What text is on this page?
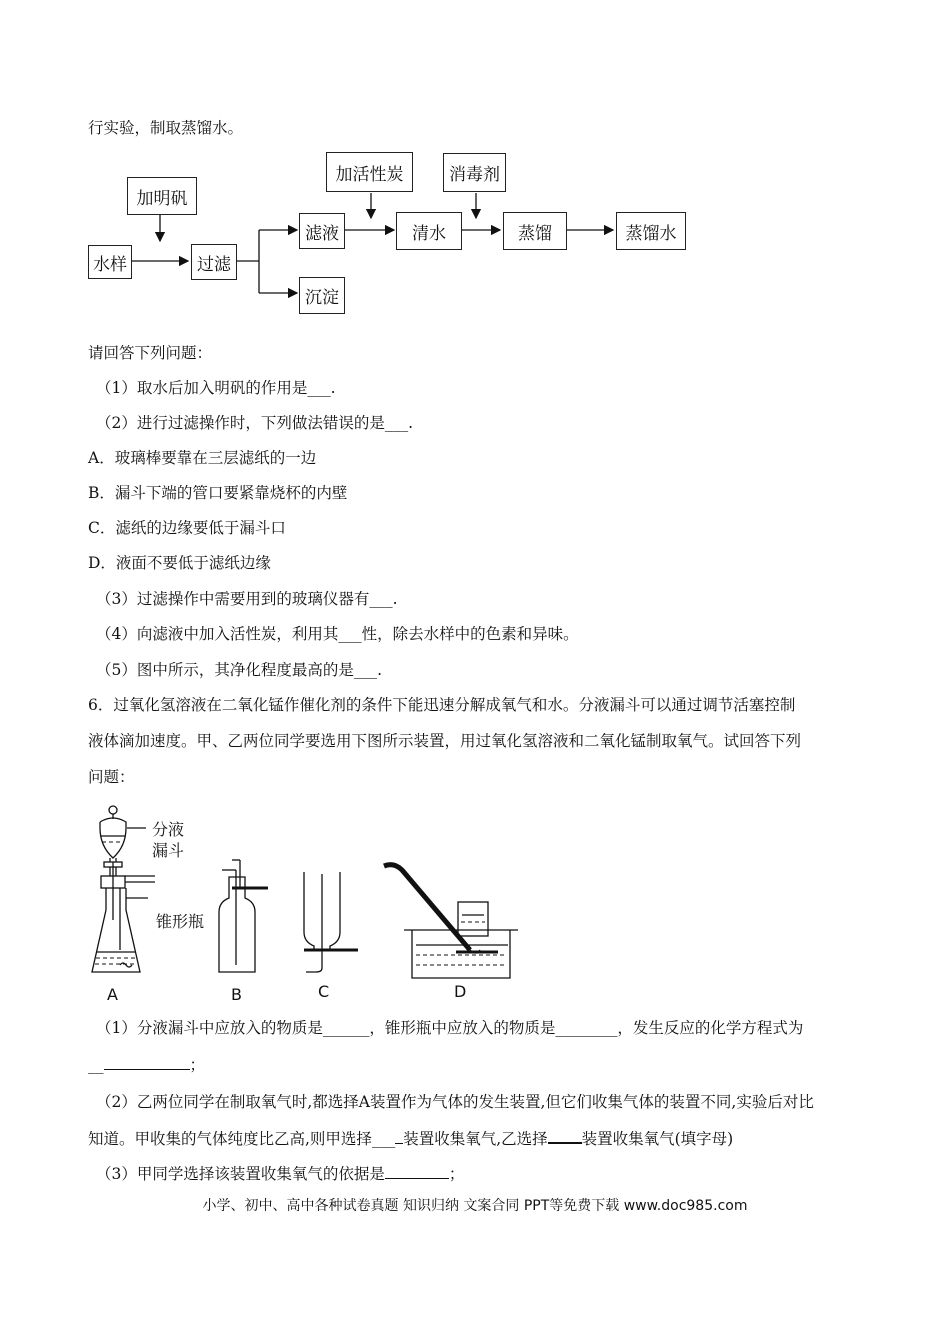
行实验，制取蒸馏水。
加明矾
水样	过滤
加活性炭
滤液
沉淀
消毒剂
清水	蒸馏	蒸馏水
请回答下列问题：
（1）取水后加入明矾的作用是___.
（2）进行过滤操作时，下列做法错误的是___.
A．玻璃棒要靠在三层滤纸的一边
B．漏斗下端的管口要紧靠烧杯的内壁
C．滤纸的边缘要低于漏斗口
D．液面不要低于滤纸边缘
（3）过滤操作中需要用到的玻璃仪器有___.
（4）向滤液中加入活性炭，利用其___性，除去水样中的色素和异味。
（5）图中所示，其净化程度最高的是___.
6．过氧化氢溶液在二氧化锰作催化剂的条件下能迅速分解成氧气和水。分液漏斗可以通过调节活塞控制
液体滴加速度。甲、乙两位同学要选用下图所示装置，用过氧化氢溶液和二氧化锰制取氧气。试回答下列
问题：
分液
漏斗
锥形瓶
A	B	C	D
（1）分液漏斗中应放入的物质是______，锥形瓶中应放入的物质是________，发生反应的化学方程式为
__	；
（2）乙两位同学在制取氧气时,都选择A装置作为气体的发生装置,但它们收集气体的装置不同,实验后对比
知道。甲收集的气体纯度比乙高,则甲选择___ 装置收集氧气,乙选择 装置收集氧气(填字母)
（3）甲同学选择该装置收集氧气的依据是	；
小学、初中、高中各种试卷真题 知识归纳 文案合同 PPT等免费下载 www.doc985.com
